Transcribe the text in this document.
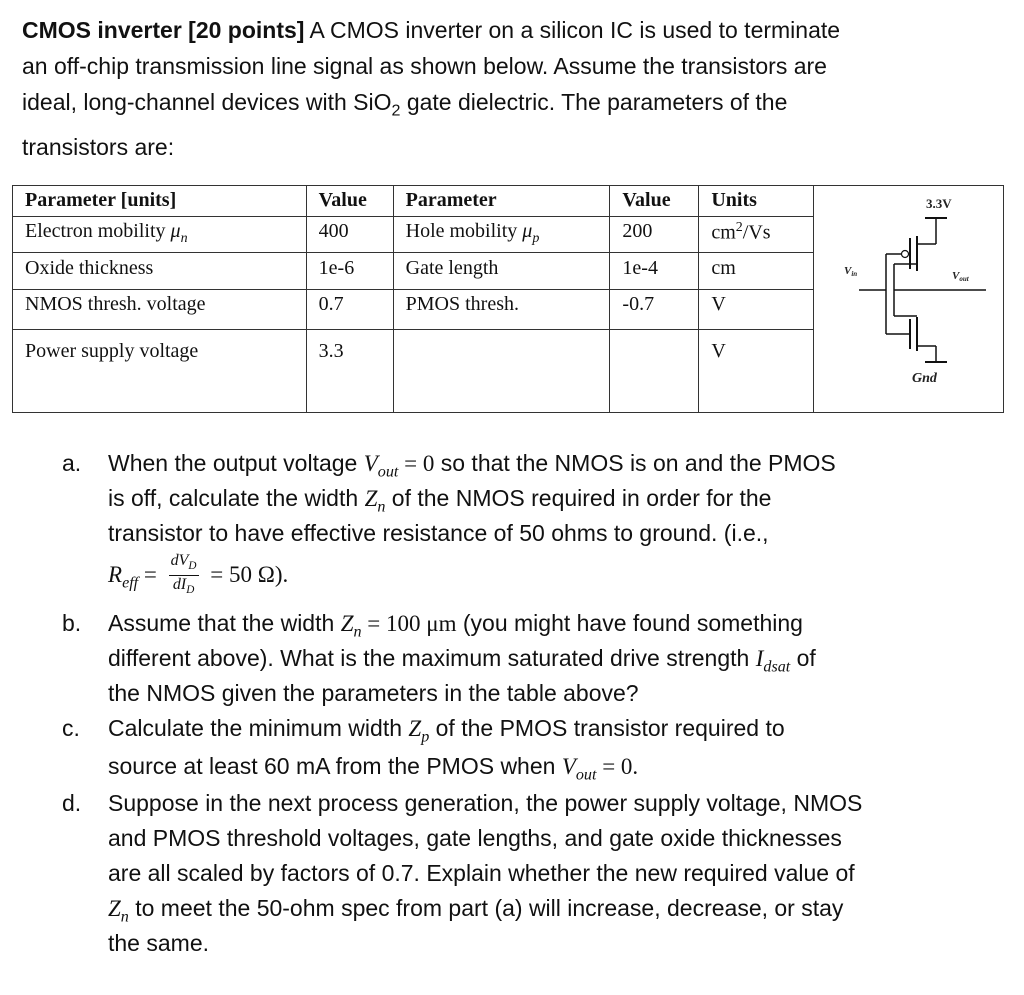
CMOS inverter [20 points] A CMOS inverter on a silicon IC is used to terminate

an off-chip transmission line signal as shown below. Assume the transistors are

ideal, long-channel devices with SiO$_2$ gate dielectric. The parameters of the

transistors are:

Parameter [units]	Value	Parameter	Value	Units	3.3V
Vin Vout
Gnd

Electron mobility $\mu_n$	400	Hole mobility $\mu_p$	200	$cm^2/Vs$	
Oxide thickness	1e-6	Gate length	1e-4	cm	
NMOS thresh. voltage	0.7	PMOS thresh.	-0.7	V	
Power supply voltage	3.3			V	
a. When the output voltage $V_{out} = 0$ so that the NMOS is on and the PMOS
is off, calculate the width $Z_n$ of the NMOS required in order for the
transistor to have effective resistance of 50 ohms to ground. (i.e.,
$R_{eff} = \frac{dV_D}{dI_D} = 50$ Ω).
b. Assume that the width $Z_n = 100$ μm (you might have found something
different above). What is the maximum saturated drive strength $I_{dsat}$ of
the NMOS given the parameters in the table above?
c. Calculate the minimum width $Z_p$ of the PMOS transistor required to
source at least 60 mA from the PMOS when $V_{out} = 0$.
d. Suppose in the next process generation, the power supply voltage, NMOS
and PMOS threshold voltages, gate lengths, and gate oxide thicknesses
are all scaled by factors of 0.7. Explain whether the new required value of
$Z_n$ to meet the 50-ohm spec from part (a) will increase, decrease, or stay
the same.
